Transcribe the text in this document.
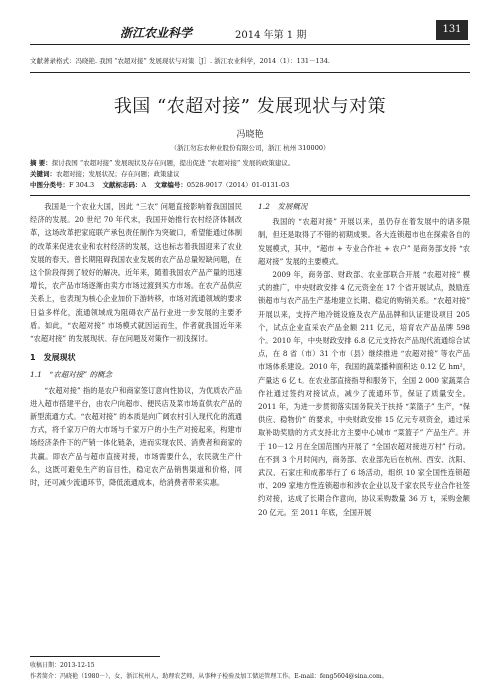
浙江农业科学	2014 年第 1 期
131
文献著录格式：冯晓艳. 我国 “农超对接” 发展现状与对策［J］. 浙江农业科学，2014（1）：131－134.
我国 “农超对接” 发展现状与对策
冯晓艳
（浙江勿忘农种业股份有限公司，浙江 杭州 310000）
摘 要：探讨我国 “农超对接” 发展现状及存在问题，提出促进 “农超对接” 发展的政策建议。
关键词：农超对接；发展状况；存在问题；政策建议
中图分类号：F 304.3 文献标志码：A 文章编号：0528-9017（2014）01-0131-03

我国是一个农业大国，因此 “三农” 问题直接影响着我国国民经济的发展。20 世纪 70 年代末，我国开始推行农村经济体制改革，这场改革把家庭联产承包责任制作为突破口，希望能通过体制的改革来促进农业和农村经济的发展，这也标志着我国迎来了农业发展的春天。曾长期阻碍我国农业发展的农产品总量短缺问题，在这个阶段得到了较好的解决。近年来，随着我国农产品产量的迅速增长，农产品市场逐渐由卖方市场过渡到买方市场。在农产品供应关系上，也表现为核心企业加价下游转移，市场对流通领域的要求日益多样化，流通领域成为阻碍农产品行业进一步发展的主要矛盾。如此，“农超对接” 市场模式就因运而生，作者就我国近年来 “农超对接” 的发展现状、存在问题及对策作一初浅探讨。

1　发展现状
1.1　“农超对接” 的概念

“农超对接” 指的是农户和商家签订意向性协议，为优质农产品进入超市搭建平台，由农户向超市、便民店及菜市场直供农产品的新型流通方式。“农超对接” 的本质是向广阔农村引入现代化的流通方式，将千家万户的大市场与千家万户的小生产对接起来，构建市场经济条件下的产销一体化链条，进而实现农民、消费者和商家的共赢。即农产品与超市直接对接，市场需要什么，农民就生产什么，这既可避免生产的盲目性，稳定农产品销售渠道和价格，同时，还可减少流通环节，降低流通成本，给消费者带来实惠。

1.2　发展概况

我国的 “农超对接” 开展以来，虽仍存在着发展中的诸多限制，但还是取得了不错的初期成果。各大连锁超市也在探索各自的发展模式，其中，“超市 + 专业合作社 + 农户” 是商务部支持 “农超对接” 发展的主要模式。

2009 年，商务部、财政部、农业部联合开展 “农超对接” 模式的推广，中央财政安排 4 亿元资金在 17 个省开展试点，鼓励连锁超市与农产品生产基地建立长期、稳定的购销关系。“农超对接” 开展以来，支持产地冷链设施及农产品品牌和认证建设项目 205 个，试点企业直采农产品金额 211 亿元，培育农产品品牌 598 个。2010 年，中央财政安排 6.8 亿元支持农产品现代流通综合试点，在 8 省（市）31 个市（县）继续推进 “农超对接” 等农产品市场体系建设。2010 年，我国的蔬菜播种面积达 0.12 亿 hm²，产量达 6 亿 t。在农业部直接指导和服务下，全国 2 000 家蔬菜合作社通过签约对接试点，减少了流通环节，保证了质量安全。2011 年，为进一步贯彻落实国务院关于扶持 “菜篮子” 生产，“保供应、稳物价” 的要求，中央财政安排 15 亿元专项资金，通过采取补助奖励的方式支持北方主要中心城市 “菜篮子” 产品生产。并于 10－12 月在全国范围内开展了 “全国农超对接进万村” 行动。在不到 3 个月时间内，商务部、农业部先后在杭州、西安、沈阳、武汉、石家庄和成都举行了 6 场活动，组织 10 家全国性连锁超市、209 家地方性连锁超市和涉农企业以及千家农民专业合作社签约对接，达成了长期合作意向，协议采购数量 36 万 t，采购金额 20 亿元。至 2011 年底，全国开展

收稿日期：2013-12-15
作者简介：冯晓艳（1980－），女，浙江杭州人，助理农艺师，从事种子检验及加工储运管理工作。E-mail：feng5604@sina.com。
